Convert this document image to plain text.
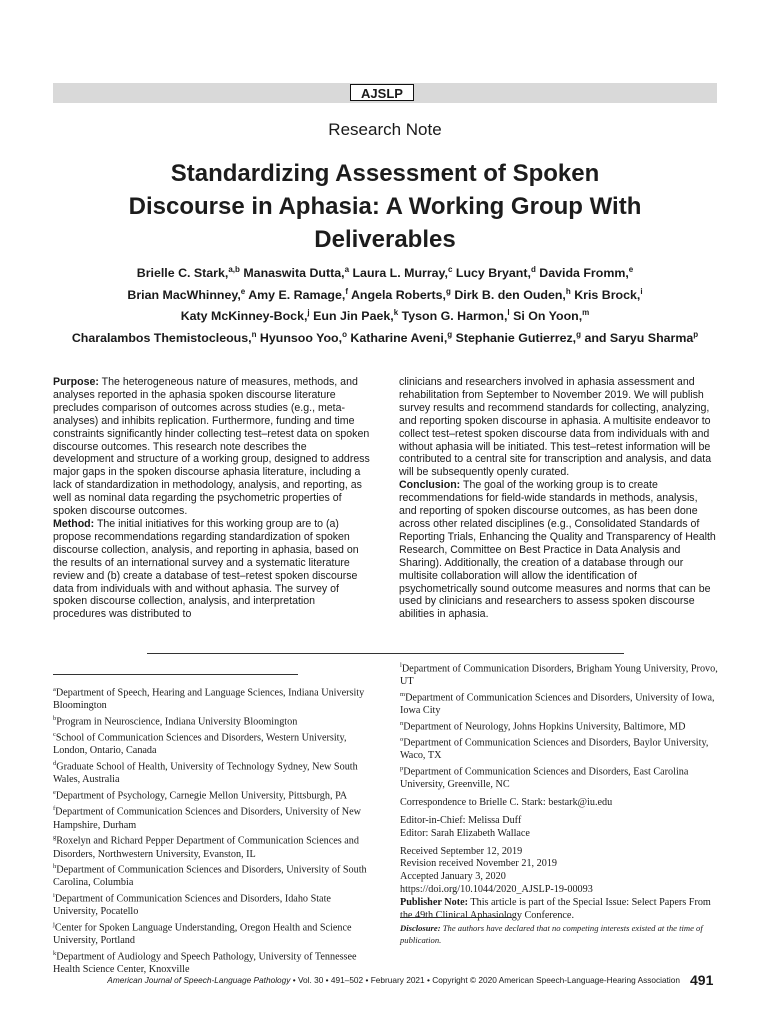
AJSLP
Research Note
Standardizing Assessment of Spoken Discourse in Aphasia: A Working Group With Deliverables
Brielle C. Stark,$^{a,b}$ Manaswita Dutta,$^a$ Laura L. Murray,$^c$ Lucy Bryant,$^d$ Davida Fromm,$^e$
Brian MacWhinney,$^e$ Amy E. Ramage,$^f$ Angela Roberts,$^g$ Dirk B. den Ouden,$^h$ Kris Brock,$^i$
Katy McKinney-Bock,$^j$ Eun Jin Paek,$^k$ Tyson G. Harmon,$^l$ Si On Yoon,$^m$
Charalambos Themistocleous,$^n$ Hyunsoo Yoo,$^o$ Katharine Aveni,$^g$ Stephanie Gutierrez,$^g$ and Saryu Sharma$^p$

Purpose: The heterogeneous nature of measures, methods, and analyses reported in the aphasia spoken discourse literature precludes comparison of outcomes across studies (e.g., meta-analyses) and inhibits replication. Furthermore, funding and time constraints significantly hinder collecting test–retest data on spoken discourse outcomes. This research note describes the development and structure of a working group, designed to address major gaps in the spoken discourse aphasia literature, including a lack of standardization in methodology, analysis, and reporting, as well as nominal data regarding the psychometric properties of spoken discourse outcomes.

Method: The initial initiatives for this working group are to (a) propose recommendations regarding standardization of spoken discourse collection, analysis, and reporting in aphasia, based on the results of an international survey and a systematic literature review and (b) create a database of test–retest spoken discourse data from individuals with and without aphasia. The survey of spoken discourse collection, analysis, and interpretation procedures was distributed to

clinicians and researchers involved in aphasia assessment and rehabilitation from September to November 2019. We will publish survey results and recommend standards for collecting, analyzing, and reporting spoken discourse in aphasia. A multisite endeavor to collect test–retest spoken discourse data from individuals with and without aphasia will be initiated. This test–retest information will be contributed to a central site for transcription and analysis, and data will be subsequently openly curated.

Conclusion: The goal of the working group is to create recommendations for field-wide standards in methods, analysis, and reporting of spoken discourse outcomes, as has been done across other related disciplines (e.g., Consolidated Standards of Reporting Trials, Enhancing the Quality and Transparency of Health Research, Committee on Best Practice in Data Analysis and Sharing). Additionally, the creation of a database through our multisite collaboration will allow the identification of psychometrically sound outcome measures and norms that can be used by clinicians and researchers to assess spoken discourse abilities in aphasia.

$^a$Department of Speech, Hearing and Language Sciences, Indiana University Bloomington

$^b$Program in Neuroscience, Indiana University Bloomington

$^c$School of Communication Sciences and Disorders, Western University, London, Ontario, Canada

$^d$Graduate School of Health, University of Technology Sydney, New South Wales, Australia

$^e$Department of Psychology, Carnegie Mellon University, Pittsburgh, PA

$^f$Department of Communication Sciences and Disorders, University of New Hampshire, Durham

$^g$Roxelyn and Richard Pepper Department of Communication Sciences and Disorders, Northwestern University, Evanston, IL

$^h$Department of Communication Sciences and Disorders, University of South Carolina, Columbia

$^i$Department of Communication Sciences and Disorders, Idaho State University, Pocatello

$^j$Center for Spoken Language Understanding, Oregon Health and Science University, Portland

$^k$Department of Audiology and Speech Pathology, University of Tennessee Health Science Center, Knoxville

$^l$Department of Communication Disorders, Brigham Young University, Provo, UT

$^m$Department of Communication Sciences and Disorders, University of Iowa, Iowa City

$^n$Department of Neurology, Johns Hopkins University, Baltimore, MD

$^o$Department of Communication Sciences and Disorders, Baylor University, Waco, TX

$^p$Department of Communication Sciences and Disorders, East Carolina University, Greenville, NC

Correspondence to Brielle C. Stark: bestark@iu.edu

Editor-in-Chief: Melissa Duff

Editor: Sarah Elizabeth Wallace

Received September 12, 2019

Revision received November 21, 2019

Accepted January 3, 2020

https://doi.org/10.1044/2020_AJSLP-19-00093

Publisher Note: This article is part of the Special Issue: Select Papers From the 49th Clinical Aphasiology Conference.

Disclosure: The authors have declared that no competing interests existed at the time of publication.
American Journal of Speech-Language Pathology • Vol. 30 • 491–502 • February 2021 • Copyright © 2020 American Speech-Language-Hearing Association 491
